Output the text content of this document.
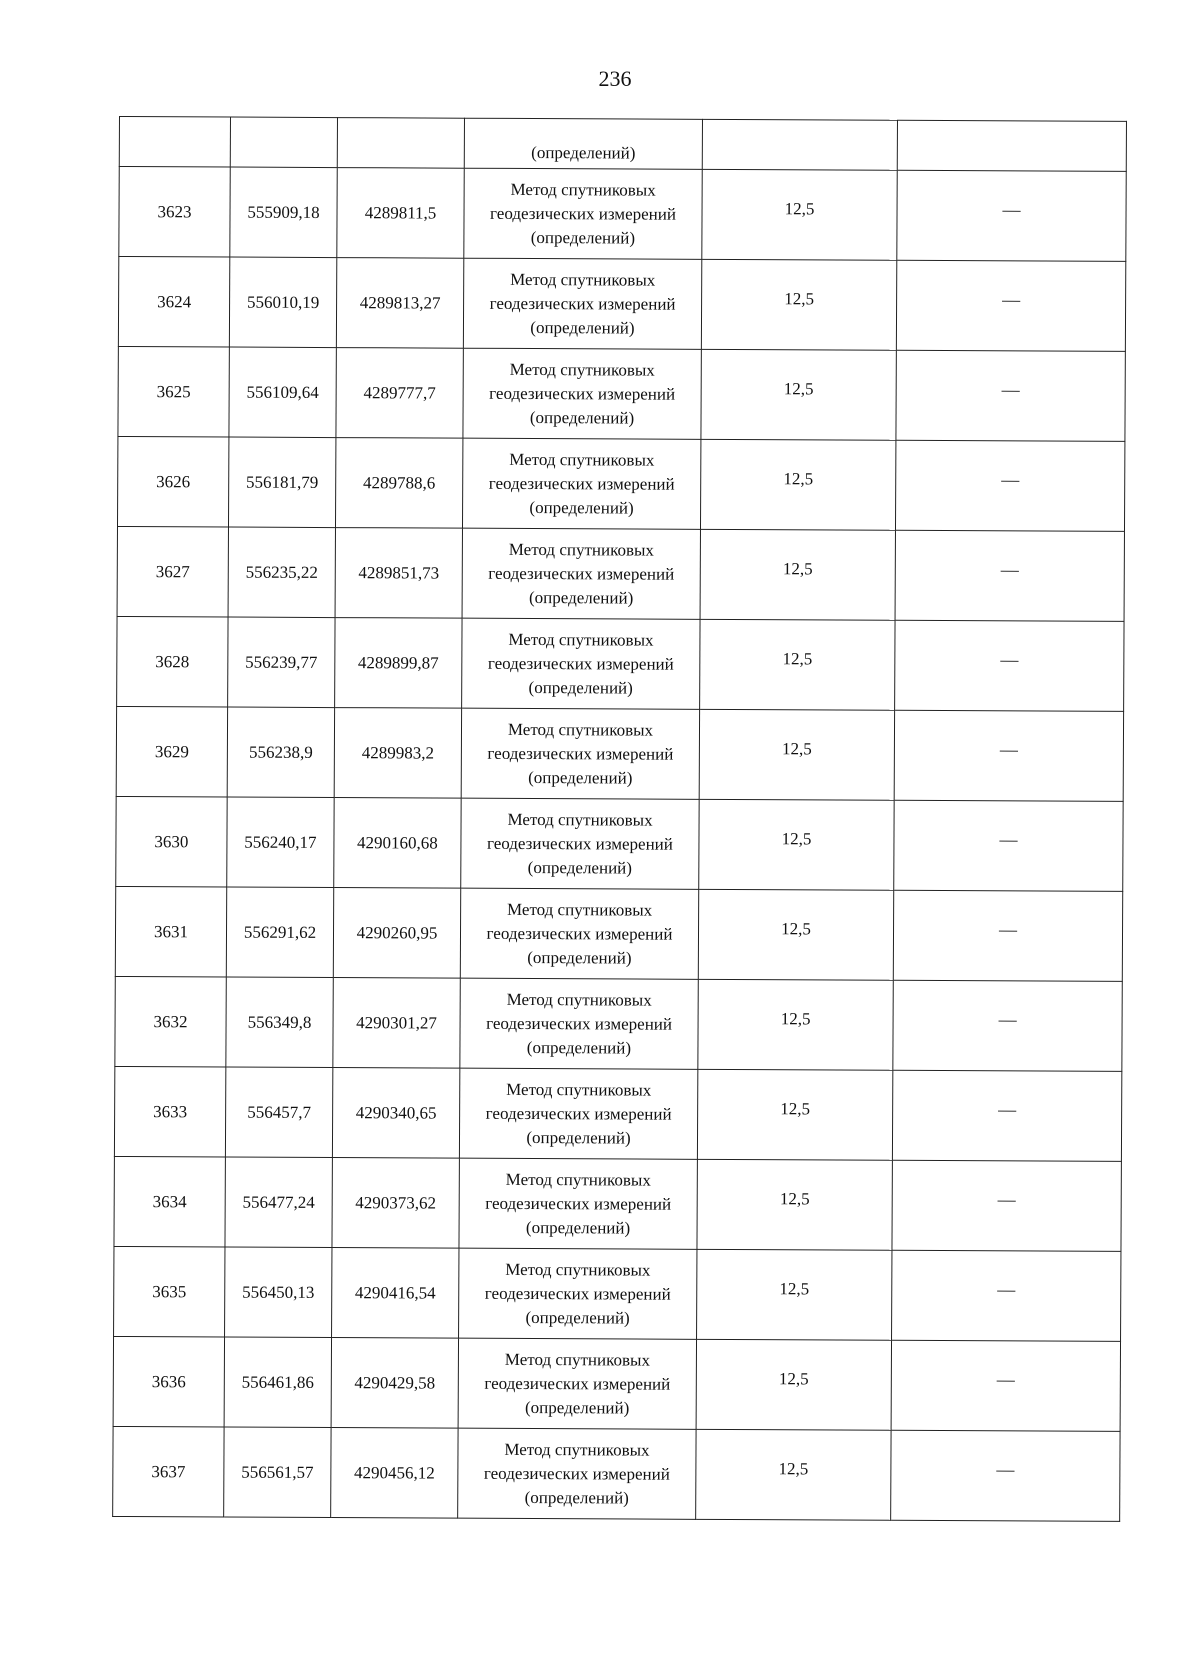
236
			(определений)		
3623	555909,18	4289811,5	Метод спутниковых
геодезических измерений
(определений)	12,5	—
3624	556010,19	4289813,27	Метод спутниковых
геодезических измерений
(определений)	12,5	—
3625	556109,64	4289777,7	Метод спутниковых
геодезических измерений
(определений)	12,5	—
3626	556181,79	4289788,6	Метод спутниковых
геодезических измерений
(определений)	12,5	—
3627	556235,22	4289851,73	Метод спутниковых
геодезических измерений
(определений)	12,5	—
3628	556239,77	4289899,87	Метод спутниковых
геодезических измерений
(определений)	12,5	—
3629	556238,9	4289983,2	Метод спутниковых
геодезических измерений
(определений)	12,5	—
3630	556240,17	4290160,68	Метод спутниковых
геодезических измерений
(определений)	12,5	—
3631	556291,62	4290260,95	Метод спутниковых
геодезических измерений
(определений)	12,5	—
3632	556349,8	4290301,27	Метод спутниковых
геодезических измерений
(определений)	12,5	—
3633	556457,7	4290340,65	Метод спутниковых
геодезических измерений
(определений)	12,5	—
3634	556477,24	4290373,62	Метод спутниковых
геодезических измерений
(определений)	12,5	—
3635	556450,13	4290416,54	Метод спутниковых
геодезических измерений
(определений)	12,5	—
3636	556461,86	4290429,58	Метод спутниковых
геодезических измерений
(определений)	12,5	—
3637	556561,57	4290456,12	Метод спутниковых
геодезических измерений
(определений)	12,5	—
